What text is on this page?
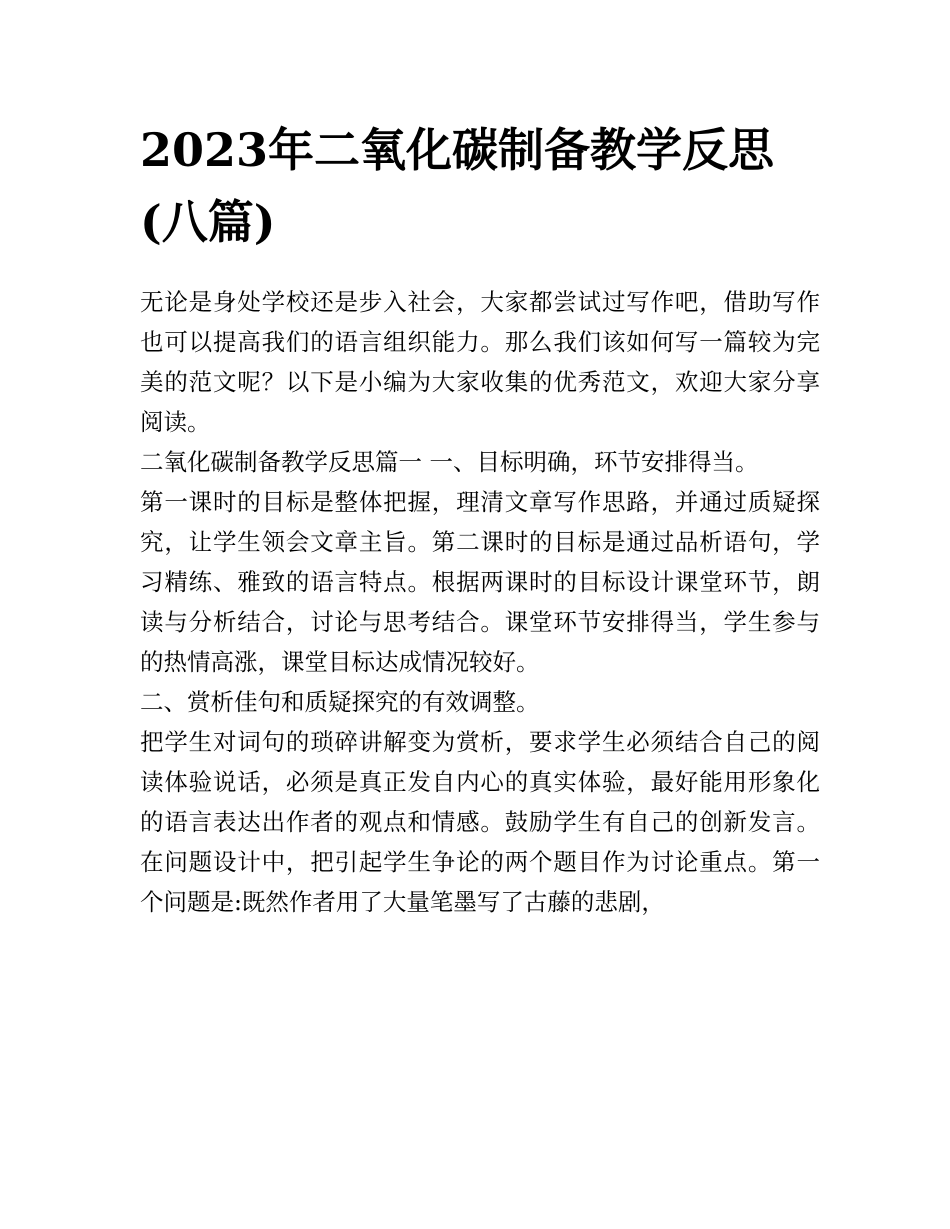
2023年二氧化碳制备教学反思(八篇)

无论是身处学校还是步入社会，大家都尝试过写作吧，借助写作也可以提高我们的语言组织能力。那么我们该如何写一篇较为完美的范文呢？以下是小编为大家收集的优秀范文，欢迎大家分享阅读。

二氧化碳制备教学反思篇一 一、目标明确，环节安排得当。

第一课时的目标是整体把握，理清文章写作思路，并通过质疑探究，让学生领会文章主旨。第二课时的目标是通过品析语句，学习精练、雅致的语言特点。根据两课时的目标设计课堂环节，朗读与分析结合，讨论与思考结合。课堂环节安排得当，学生参与的热情高涨，课堂目标达成情况较好。

二、赏析佳句和质疑探究的有效调整。

把学生对词句的琐碎讲解变为赏析，要求学生必须结合自己的阅读体验说话，必须是真正发自内心的真实体验，最好能用形象化的语言表达出作者的观点和情感。鼓励学生有自己的创新发言。在问题设计中，把引起学生争论的两个题目作为讨论重点。第一个问题是:既然作者用了大量笔墨写了古藤的悲剧，
